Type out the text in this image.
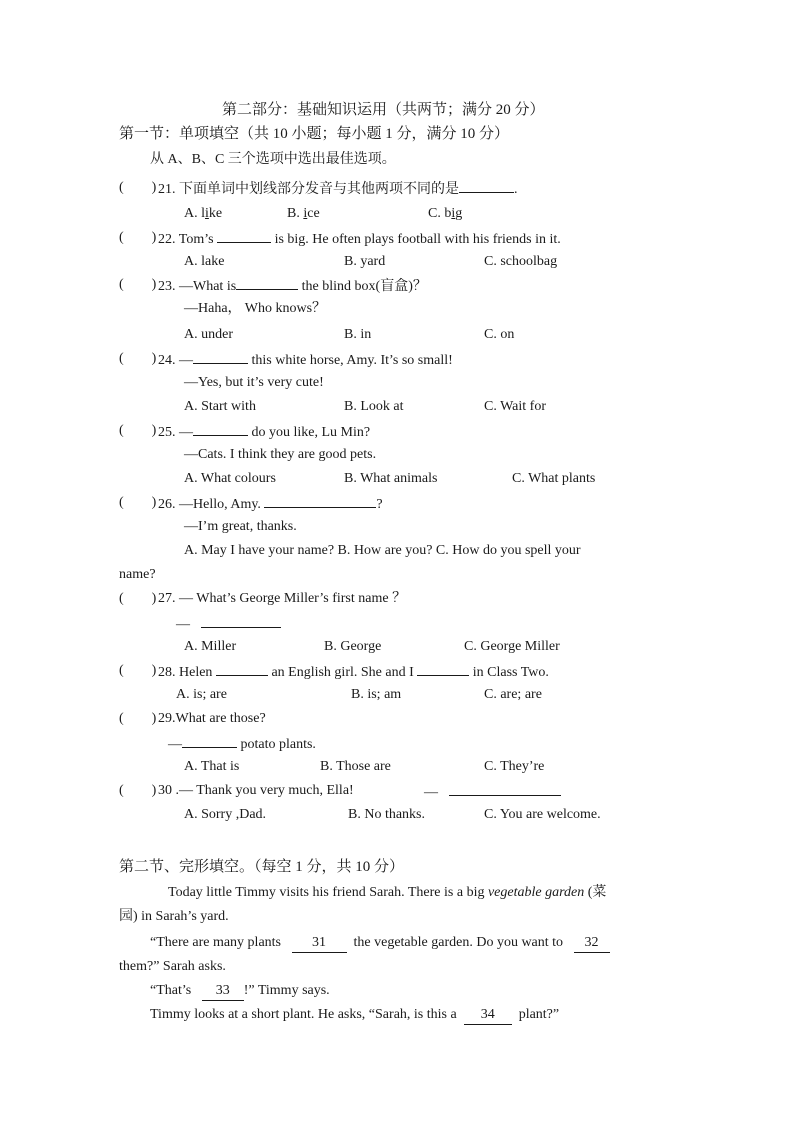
第二部分：基础知识运用（共两节；满分 20 分）
第一节：单项填空（共 10 小题；每小题 1 分，满分 10 分）
从 A、B、C 三个选项中选出最佳选项。
(　　) 21. 下面单词中划线部分发音与其他两项不同的是	.
A. like	B. ice	C. big
(　　) 22. Tom’s	is big. He often plays football with his friends in it.
A. lake	B. yard	C. schoolbag
(　　) 23. —What is	the blind box(盲盒)？
—Haha， Who knows？
A. under	B. in	C. on
(　　) 24. —	this white horse, Amy. It’s so small!
—Yes, but it’s very cute!
A. Start with	B. Look at	C. Wait for
(　　) 25. —	do you like, Lu Min?
—Cats. I think they are good pets.
A. What colours	B. What animals	C. What plants
(　　) 26. —Hello, Amy.	?
—I’m great, thanks.
A. May I have your name? B. How are you? C. How do you spell your
name?
(　　) 27. — What’s George Miller’s first name ？
—
A. Miller	B. George	C. George Miller
(　　) 28. Helen	an English girl. She and I	in Class Two.
A. is; are	B. is; am	C. are; are
(　　) 29.What are those?
—	potato plants.
A. That is	B. Those are	C. They’re
(　　) 30 .— Thank you very much, Ella!	—
A. Sorry ,Dad.	B. No thanks.	C. You are welcome.
第二节、完形填空。（每空 1 分，共 10 分）
Today little Timmy visits his friend Sarah. There is a big vegetable garden (菜
园) in Sarah’s yard.
“There are many plants 31 the vegetable garden. Do you want to 32
them?” Sarah asks.
“That’s 33 !” Timmy says.
Timmy looks at a short plant. He asks, “Sarah, is this a 34 plant?”
